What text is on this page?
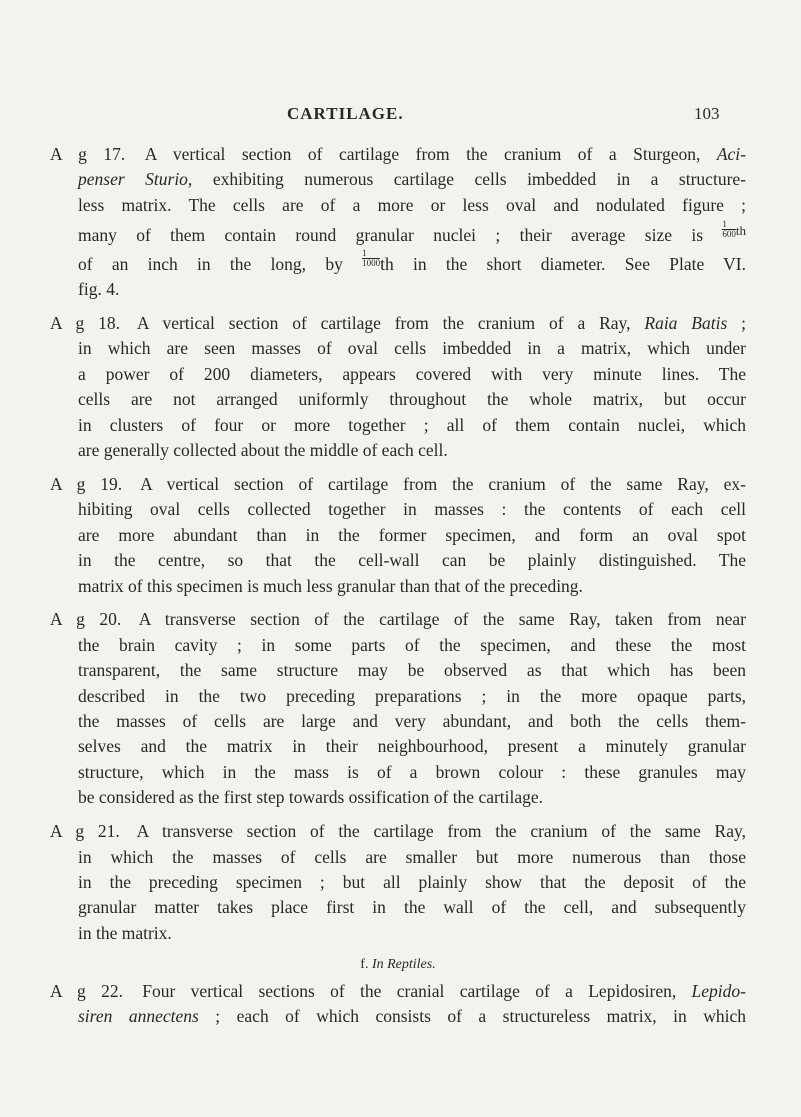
CARTILAGE.	103
A g 17. A vertical section of cartilage from the cranium of a Sturgeon, Aci-
penser Sturio, exhibiting numerous cartilage cells imbedded in a structure-
less matrix. The cells are of a more or less oval and nodulated figure ;
many of them contain round granular nuclei ; their average size is $\frac{1}{600} ^{th}$
of an inch in the long, by $\frac{1}{1000}$ th in the short diameter. See Plate VI.
fig. 4.
A g 18. A vertical section of cartilage from the cranium of a Ray, Raia Batis ;
in which are seen masses of oval cells imbedded in a matrix, which under
a power of 200 diameters, appears covered with very minute lines. The
cells are not arranged uniformly throughout the whole matrix, but occur
in clusters of four or more together ; all of them contain nuclei, which
are generally collected about the middle of each cell.
A g 19. A vertical section of cartilage from the cranium of the same Ray, ex-
hibiting oval cells collected together in masses : the contents of each cell
are more abundant than in the former specimen, and form an oval spot
in the centre, so that the cell-wall can be plainly distinguished. The
matrix of this specimen is much less granular than that of the preceding.
A g 20. A transverse section of the cartilage of the same Ray, taken from near
the brain cavity ; in some parts of the specimen, and these the most
transparent, the same structure may be observed as that which has been
described in the two preceding preparations ; in the more opaque parts,
the masses of cells are large and very abundant, and both the cells them-
selves and the matrix in their neighbourhood, present a minutely granular
structure, which in the mass is of a brown colour : these granules may
be considered as the first step towards ossification of the cartilage.
A g 21. A transverse section of the cartilage from the cranium of the same Ray,
in which the masses of cells are smaller but more numerous than those
in the preceding specimen ; but all plainly show that the deposit of the
granular matter takes place first in the wall of the cell, and subsequently
in the matrix.
f. In Reptiles.
A g 22. Four vertical sections of the cranial cartilage of a Lepidosiren, Lepido-
siren annectens ; each of which consists of a structureless matrix, in which
